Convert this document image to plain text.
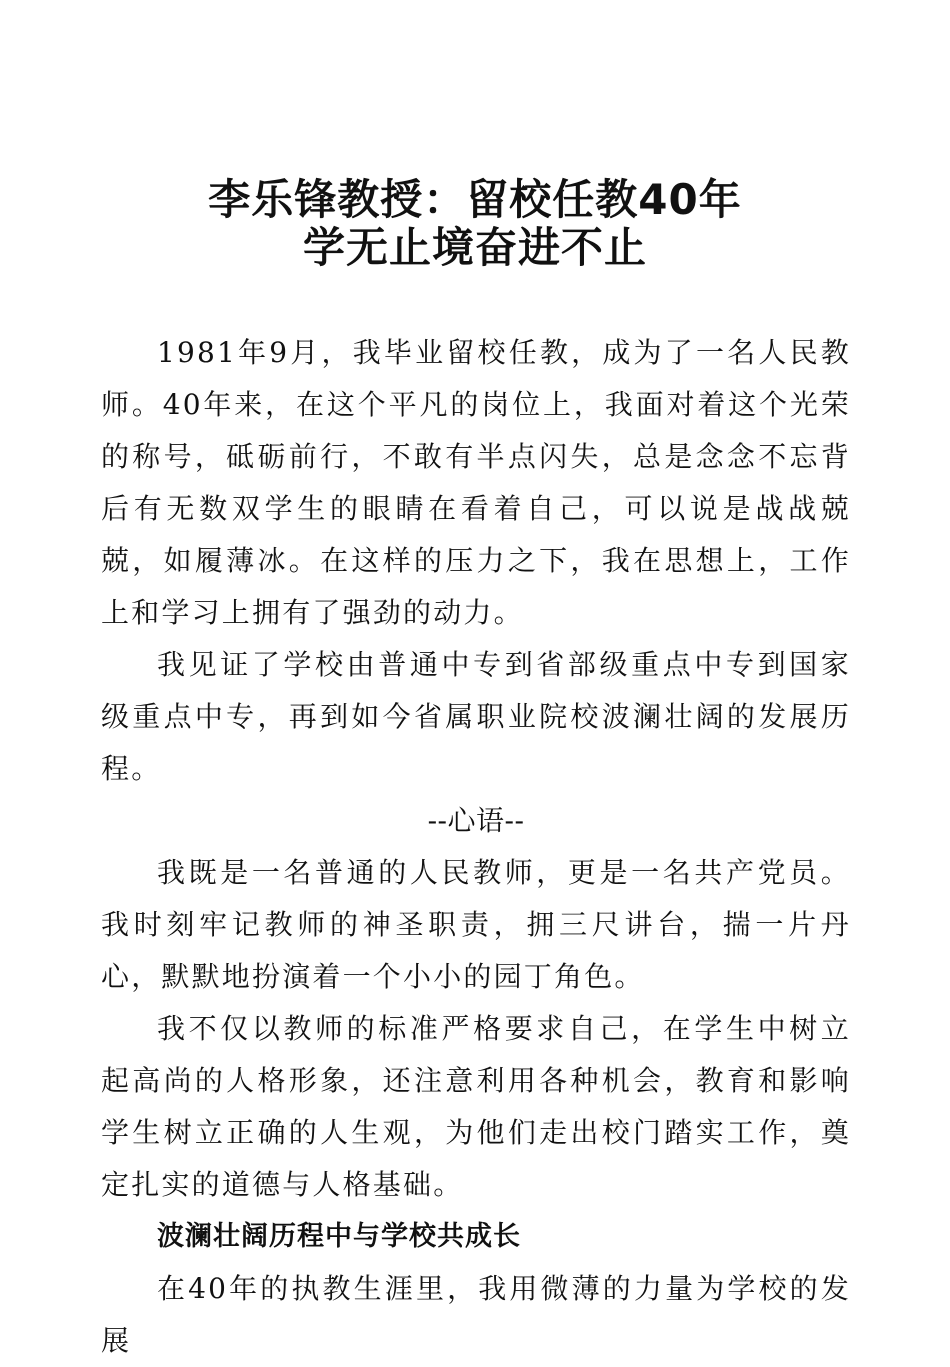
李乐锋教授：留校任教40年
学无止境奋进不止

1981年9月，我毕业留校任教，成为了一名人民教师。40年来，在这个平凡的岗位上，我面对着这个光荣的称号，砥砺前行，不敢有半点闪失，总是念念不忘背后有无数双学生的眼睛在看着自己，可以说是战战兢兢，如履薄冰。在这样的压力之下，我在思想上，工作上和学习上拥有了强劲的动力。

我见证了学校由普通中专到省部级重点中专到国家级重点中专，再到如今省属职业院校波澜壮阔的发展历程。

--心语--

我既是一名普通的人民教师，更是一名共产党员。我时刻牢记教师的神圣职责，拥三尺讲台，揣一片丹心，默默地扮演着一个小小的园丁角色。

我不仅以教师的标准严格要求自己，在学生中树立起高尚的人格形象，还注意利用各种机会，教育和影响学生树立正确的人生观，为他们走出校门踏实工作，奠定扎实的道德与人格基础。

波澜壮阔历程中与学校共成长

在40年的执教生涯里，我用微薄的力量为学校的发展
